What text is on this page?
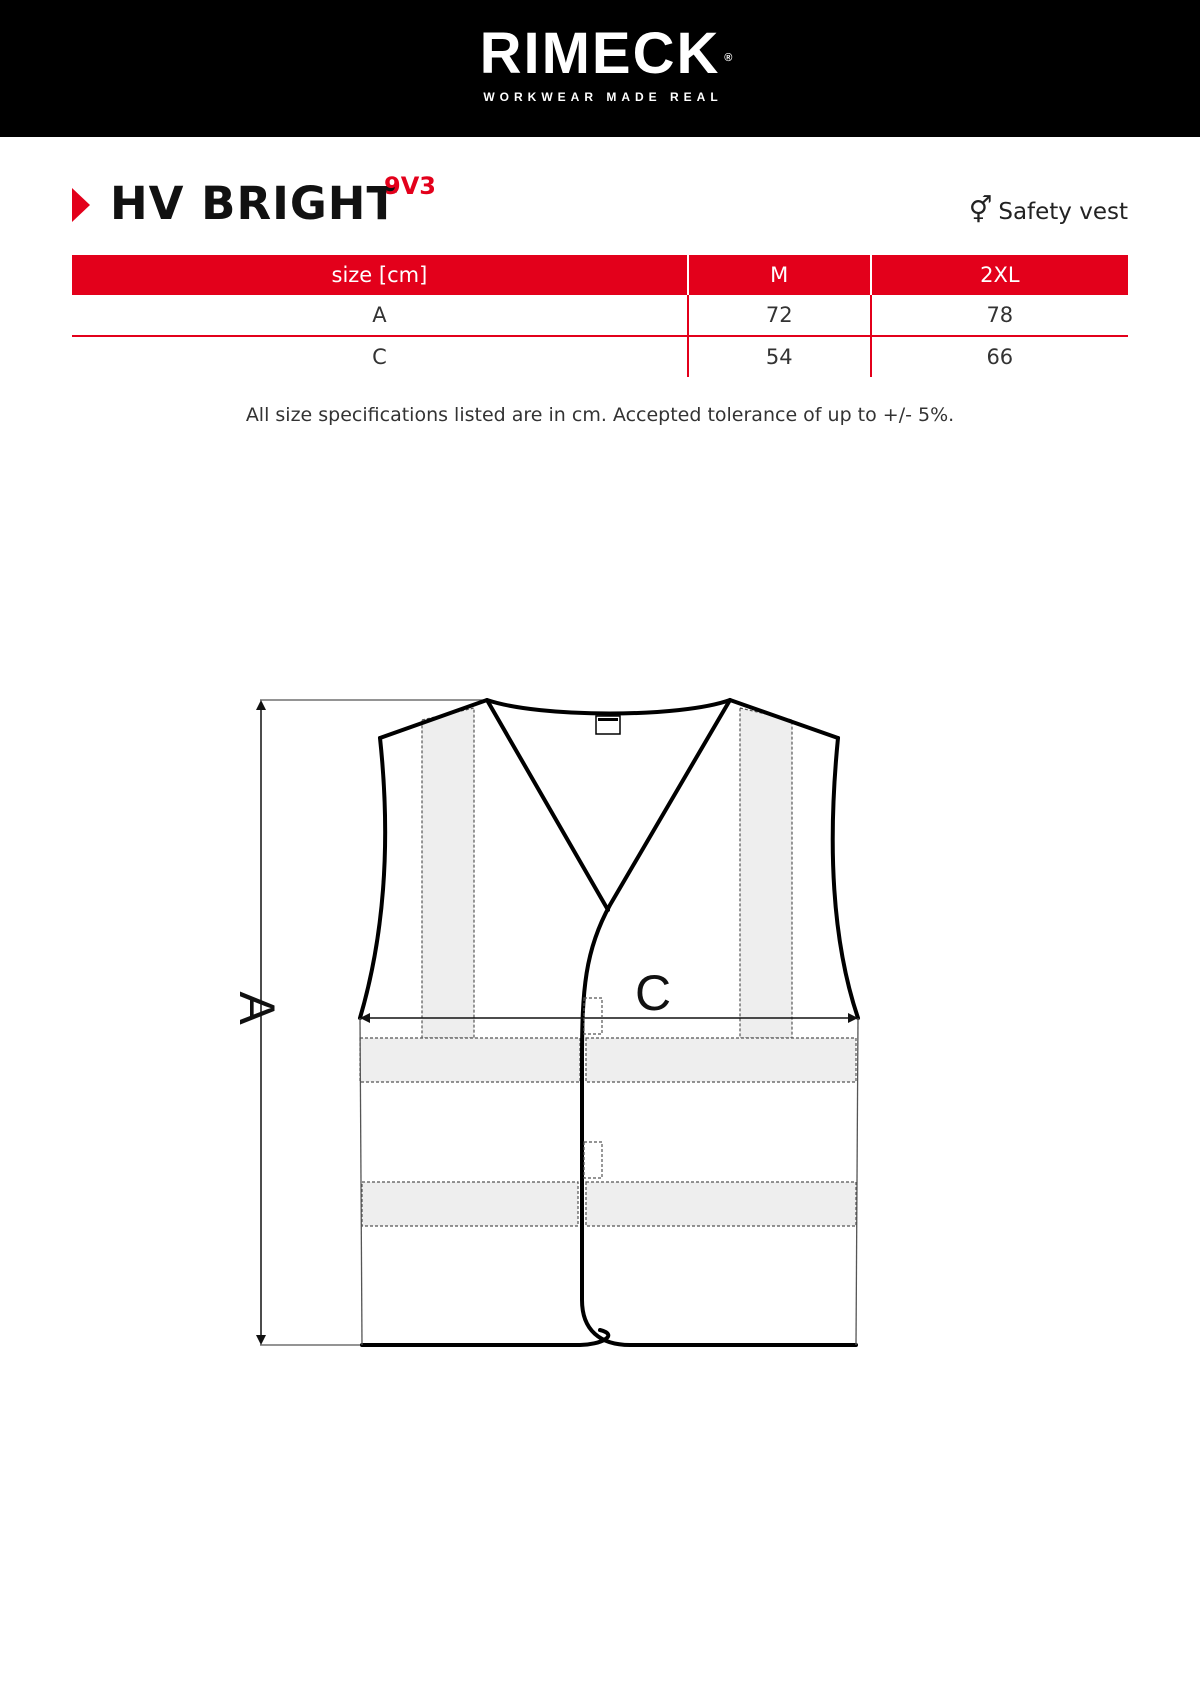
RIMECK ®
WORKWEAR MADE REAL
HV BRIGHT
9V3
⚥ Safety vest
size [cm]	M	2XL
A	72	78
C	54	66
All size specifications listed are in cm. Accepted tolerance of up to +/- 5%.
A	C
